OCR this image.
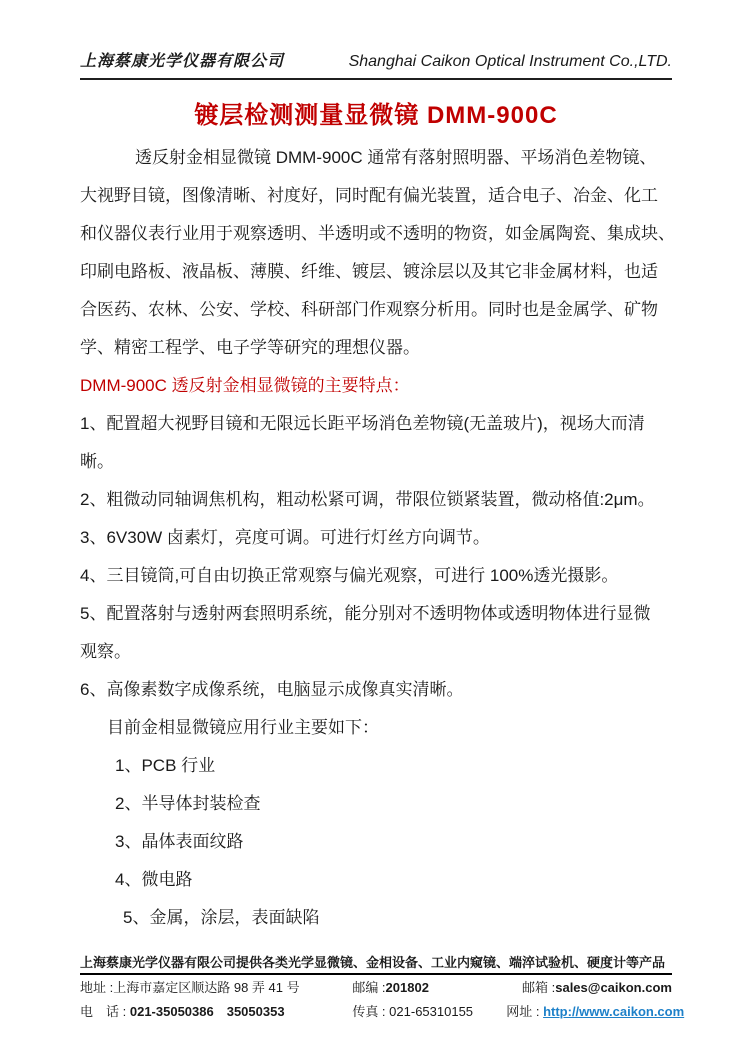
上海蔡康光学仪器有限公司	Shanghai Caikon Optical Instrument Co.,LTD.
镀层检测测量显微镜 DMM-900C
透反射金相显微镜 DMM-900C 通常有落射照明器、平场消色差物镜、
大视野目镜，图像清晰、衬度好，同时配有偏光装置，适合电子、冶金、化工
和仪器仪表行业用于观察透明、半透明或不透明的物资，如金属陶瓷、集成块、
印刷电路板、液晶板、薄膜、纤维、镀层、镀涂层以及其它非金属材料，也适
合医药、农林、公安、学校、科研部门作观察分析用。同时也是金属学、矿物
学、精密工程学、电子学等研究的理想仪器。
DMM-900C 透反射金相显微镜的主要特点：
1、配置超大视野目镜和无限远长距平场消色差物镜(无盖玻片)，视场大而清
晰。
2、粗微动同轴调焦机构，粗动松紧可调，带限位锁紧装置，微动格值:2μm。
3、6V30W 卤素灯，亮度可调。可进行灯丝方向调节。
4、三目镜筒,可自由切换正常观察与偏光观察，可进行 100%透光摄影。
5、配置落射与透射两套照明系统，能分别对不透明物体或透明物体进行显微
观察。
6、高像素数字成像系统，电脑显示成像真实清晰。
目前金相显微镜应用行业主要如下：
1、PCB 行业
2、半导体封装检查
3、晶体表面纹路
4、微电路
5、金属，涂层，表面缺陷
上海蔡康光学仪器有限公司提供各类光学显微镜、金相设备、工业内窥镜、端淬试验机、硬度计等产品
地址 :上海市嘉定区顺达路 98 弄 41 号	邮编 :201802	邮箱 :sales@caikon.com
电　话 : 021-35050386　35050353	传真 : 021-65310155	网址 : http://www.caikon.com
